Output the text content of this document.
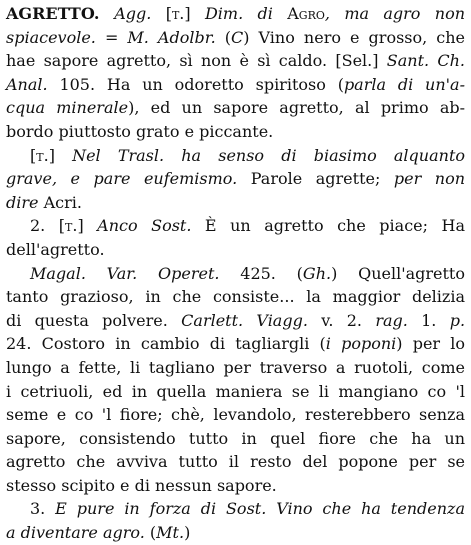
AGRETTO. Agg. [t.] Dim. di Agro, ma agro non
spiacevole. = M. Adolbr. (C) Vino nero e grosso, che
hae sapore agretto, sì non è sì caldo. [Sel.] Sant. Ch.
Anal. 105. Ha un odoretto spiritoso (parla di un'a-
cqua minerale), ed un sapore agretto, al primo ab-
bordo piuttosto grato e piccante.
[t.] Nel Trasl. ha senso di biasimo alquanto
grave, e pare eufemismo. Parole agrette; per non
dire Acri.
2. [t.] Anco Sost. È un agretto che piace; Ha
dell'agretto.
Magal. Var. Operet. 425. (Gh.) Quell'agretto
tanto grazioso, in che consiste... la maggior delizia
di questa polvere. Carlett. Viagg. v. 2. rag. 1. p.
24. Costoro in cambio di tagliargli (i poponi) per lo
lungo a fette, li tagliano per traverso a ruotoli, come
i cetriuoli, ed in quella maniera se li mangiano co 'l
seme e co 'l fiore; chè, levandolo, resterebbero senza
sapore, consistendo tutto in quel fiore che ha un
agretto che avviva tutto il resto del popone per se
stesso scipito e di nessun sapore.
3. E pure in forza di Sost. Vino che ha tendenza
a diventare agro. (Mt.)
